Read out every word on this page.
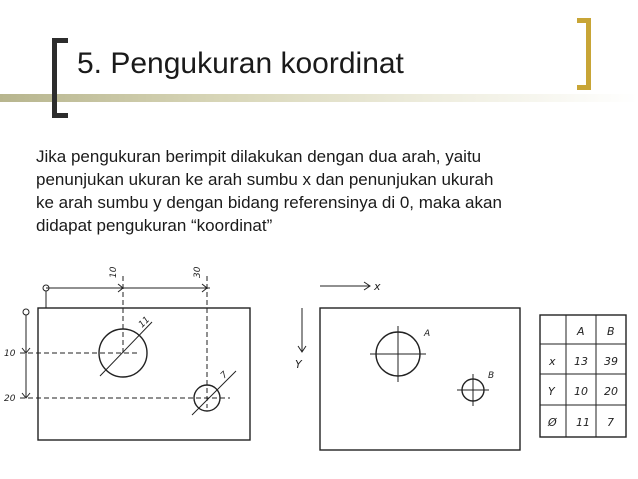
5. Pengukuran koordinat
Jika pengukuran berimpit dilakukan dengan dua arah, yaitu
penunjukan ukuran ke arah sumbu x dan penunjukan ukurah
ke arah sumbu y dengan bidang referensinya di 0, maka akan
didapat pengukuran “koordinat”
10	30
10
20
11
7
x
Y
A
B
A B
x 13 39
Y 10 20
Ø 11 7
